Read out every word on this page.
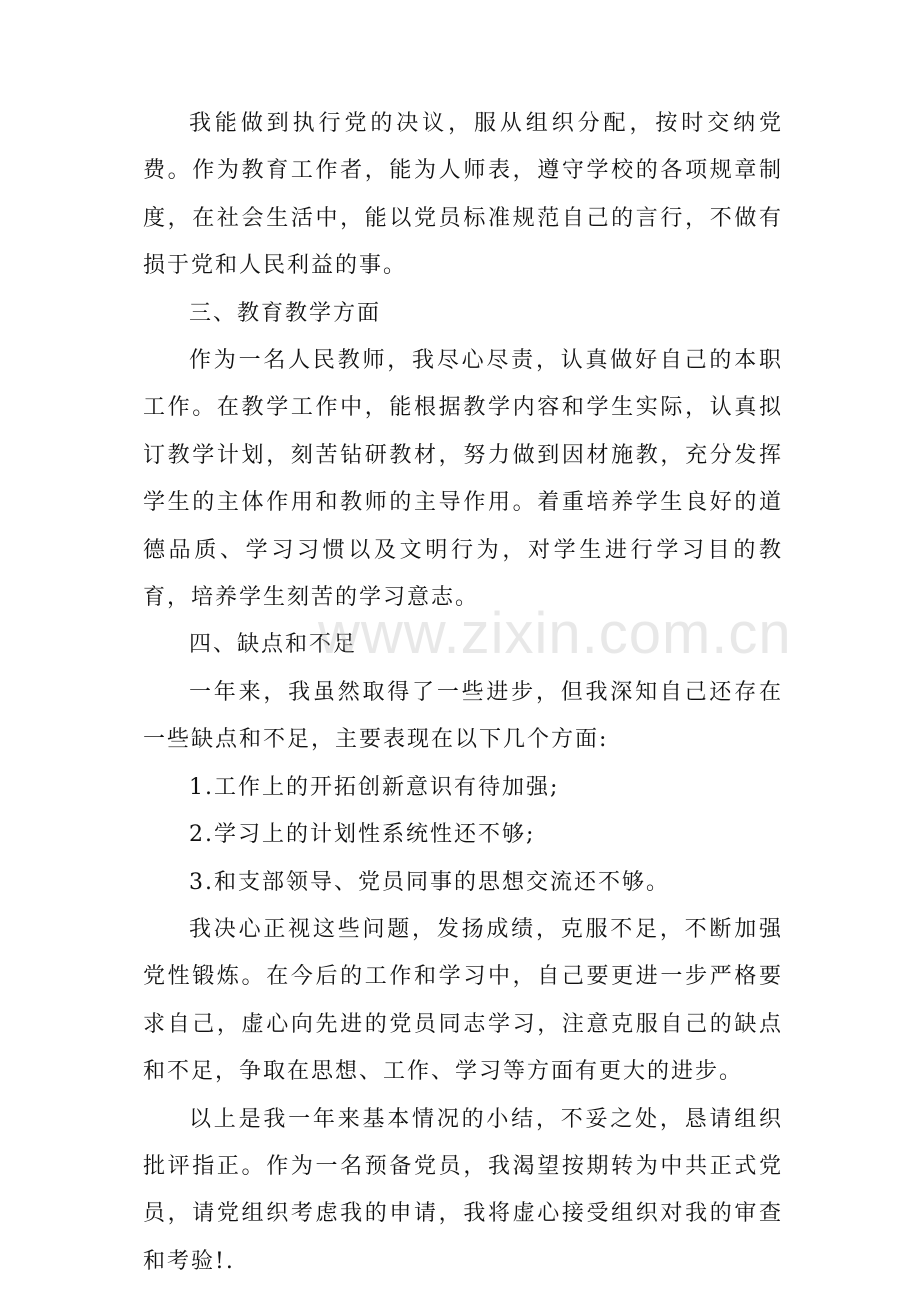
我能做到执行党的决议，服从组织分配，按时交纳党费。作为教育工作者，能为人师表，遵守学校的各项规章制度，在社会生活中，能以党员标准规范自己的言行，不做有损于党和人民利益的事。

三、教育教学方面

作为一名人民教师，我尽心尽责，认真做好自己的本职工作。在教学工作中，能根据教学内容和学生实际，认真拟订教学计划，刻苦钻研教材，努力做到因材施教，充分发挥学生的主体作用和教师的主导作用。着重培养学生良好的道德品质、学习习惯以及文明行为，对学生进行学习目的教育，培养学生刻苦的学习意志。

四、缺点和不足

一年来，我虽然取得了一些进步，但我深知自己还存在一些缺点和不足，主要表现在以下几个方面:

1.工作上的开拓创新意识有待加强;

2.学习上的计划性系统性还不够;

3.和支部领导、党员同事的思想交流还不够。

我决心正视这些问题，发扬成绩，克服不足，不断加强党性锻炼。在今后的工作和学习中，自己要更进一步严格要求自己，虚心向先进的党员同志学习，注意克服自己的缺点和不足，争取在思想、工作、学习等方面有更大的进步。

以上是我一年来基本情况的小结，不妥之处，恳请组织批评指正。作为一名预备党员，我渴望按期转为中共正式党员，请党组织考虑我的申请，我将虚心接受组织对我的审查和考验!.

www.zixin.com.cn
